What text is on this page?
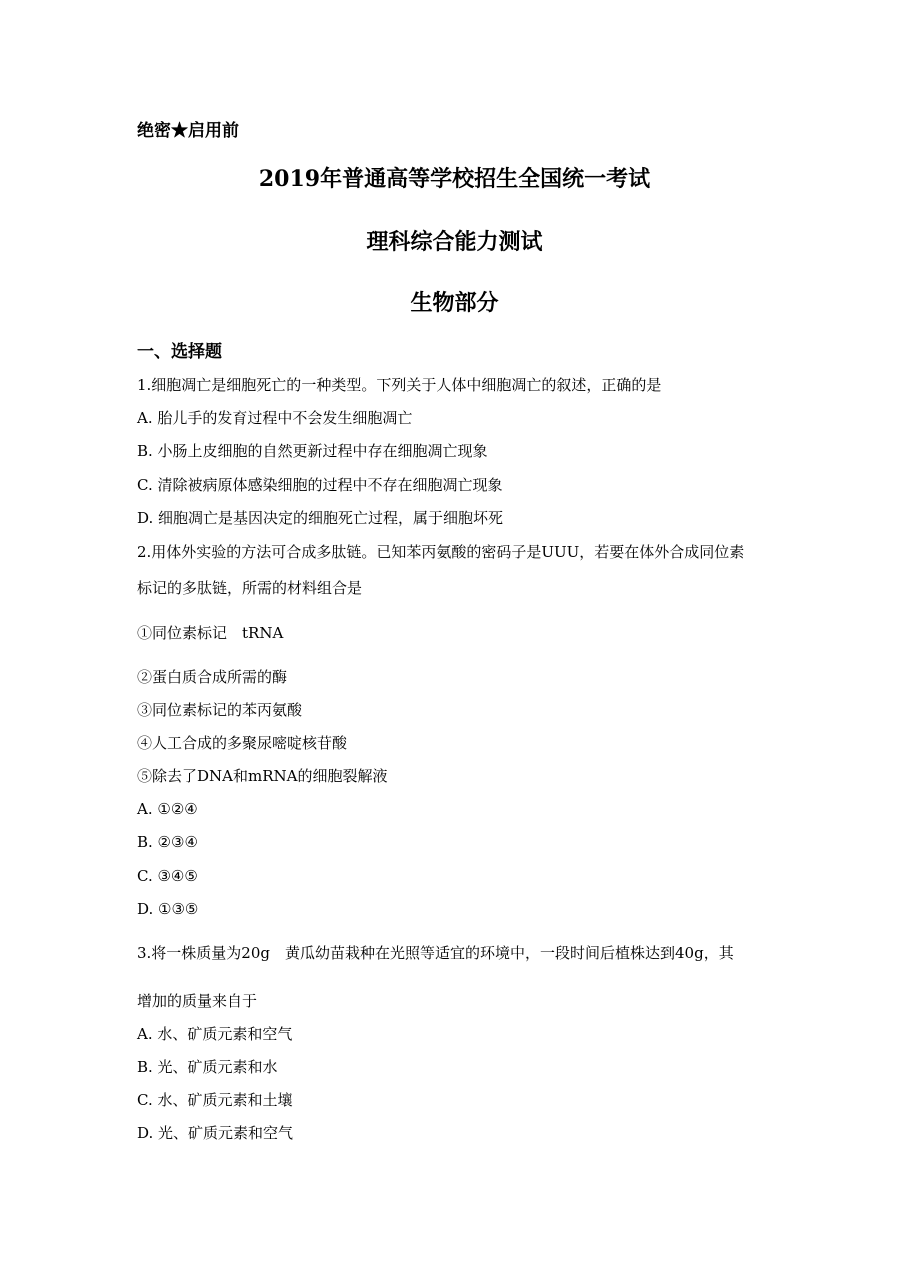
绝密★启用前
2019年普通高等学校招生全国统一考试
理科综合能力测试
生物部分
一、选择题
1.细胞凋亡是细胞死亡的一种类型。下列关于人体中细胞凋亡的叙述，正确的是
A. 胎儿手的发育过程中不会发生细胞凋亡
B. 小肠上皮细胞的自然更新过程中存在细胞凋亡现象
C. 清除被病原体感染细胞的过程中不存在细胞凋亡现象
D. 细胞凋亡是基因决定的细胞死亡过程，属于细胞坏死
2.用体外实验的方法可合成多肽链。已知苯丙氨酸的密码子是UUU，若要在体外合成同位素
标记的多肽链，所需的材料组合是
①同位素标记　tRNA
②蛋白质合成所需的酶
③同位素标记的苯丙氨酸
④人工合成的多聚尿嘧啶核苷酸
⑤除去了DNA和mRNA的细胞裂解液
A. ①②④
B. ②③④
C. ③④⑤
D. ①③⑤
3.将一株质量为20g　黄瓜幼苗栽种在光照等适宜的环境中，一段时间后植株达到40g，其
增加的质量来自于
A. 水、矿质元素和空气
B. 光、矿质元素和水
C. 水、矿质元素和土壤
D. 光、矿质元素和空气
